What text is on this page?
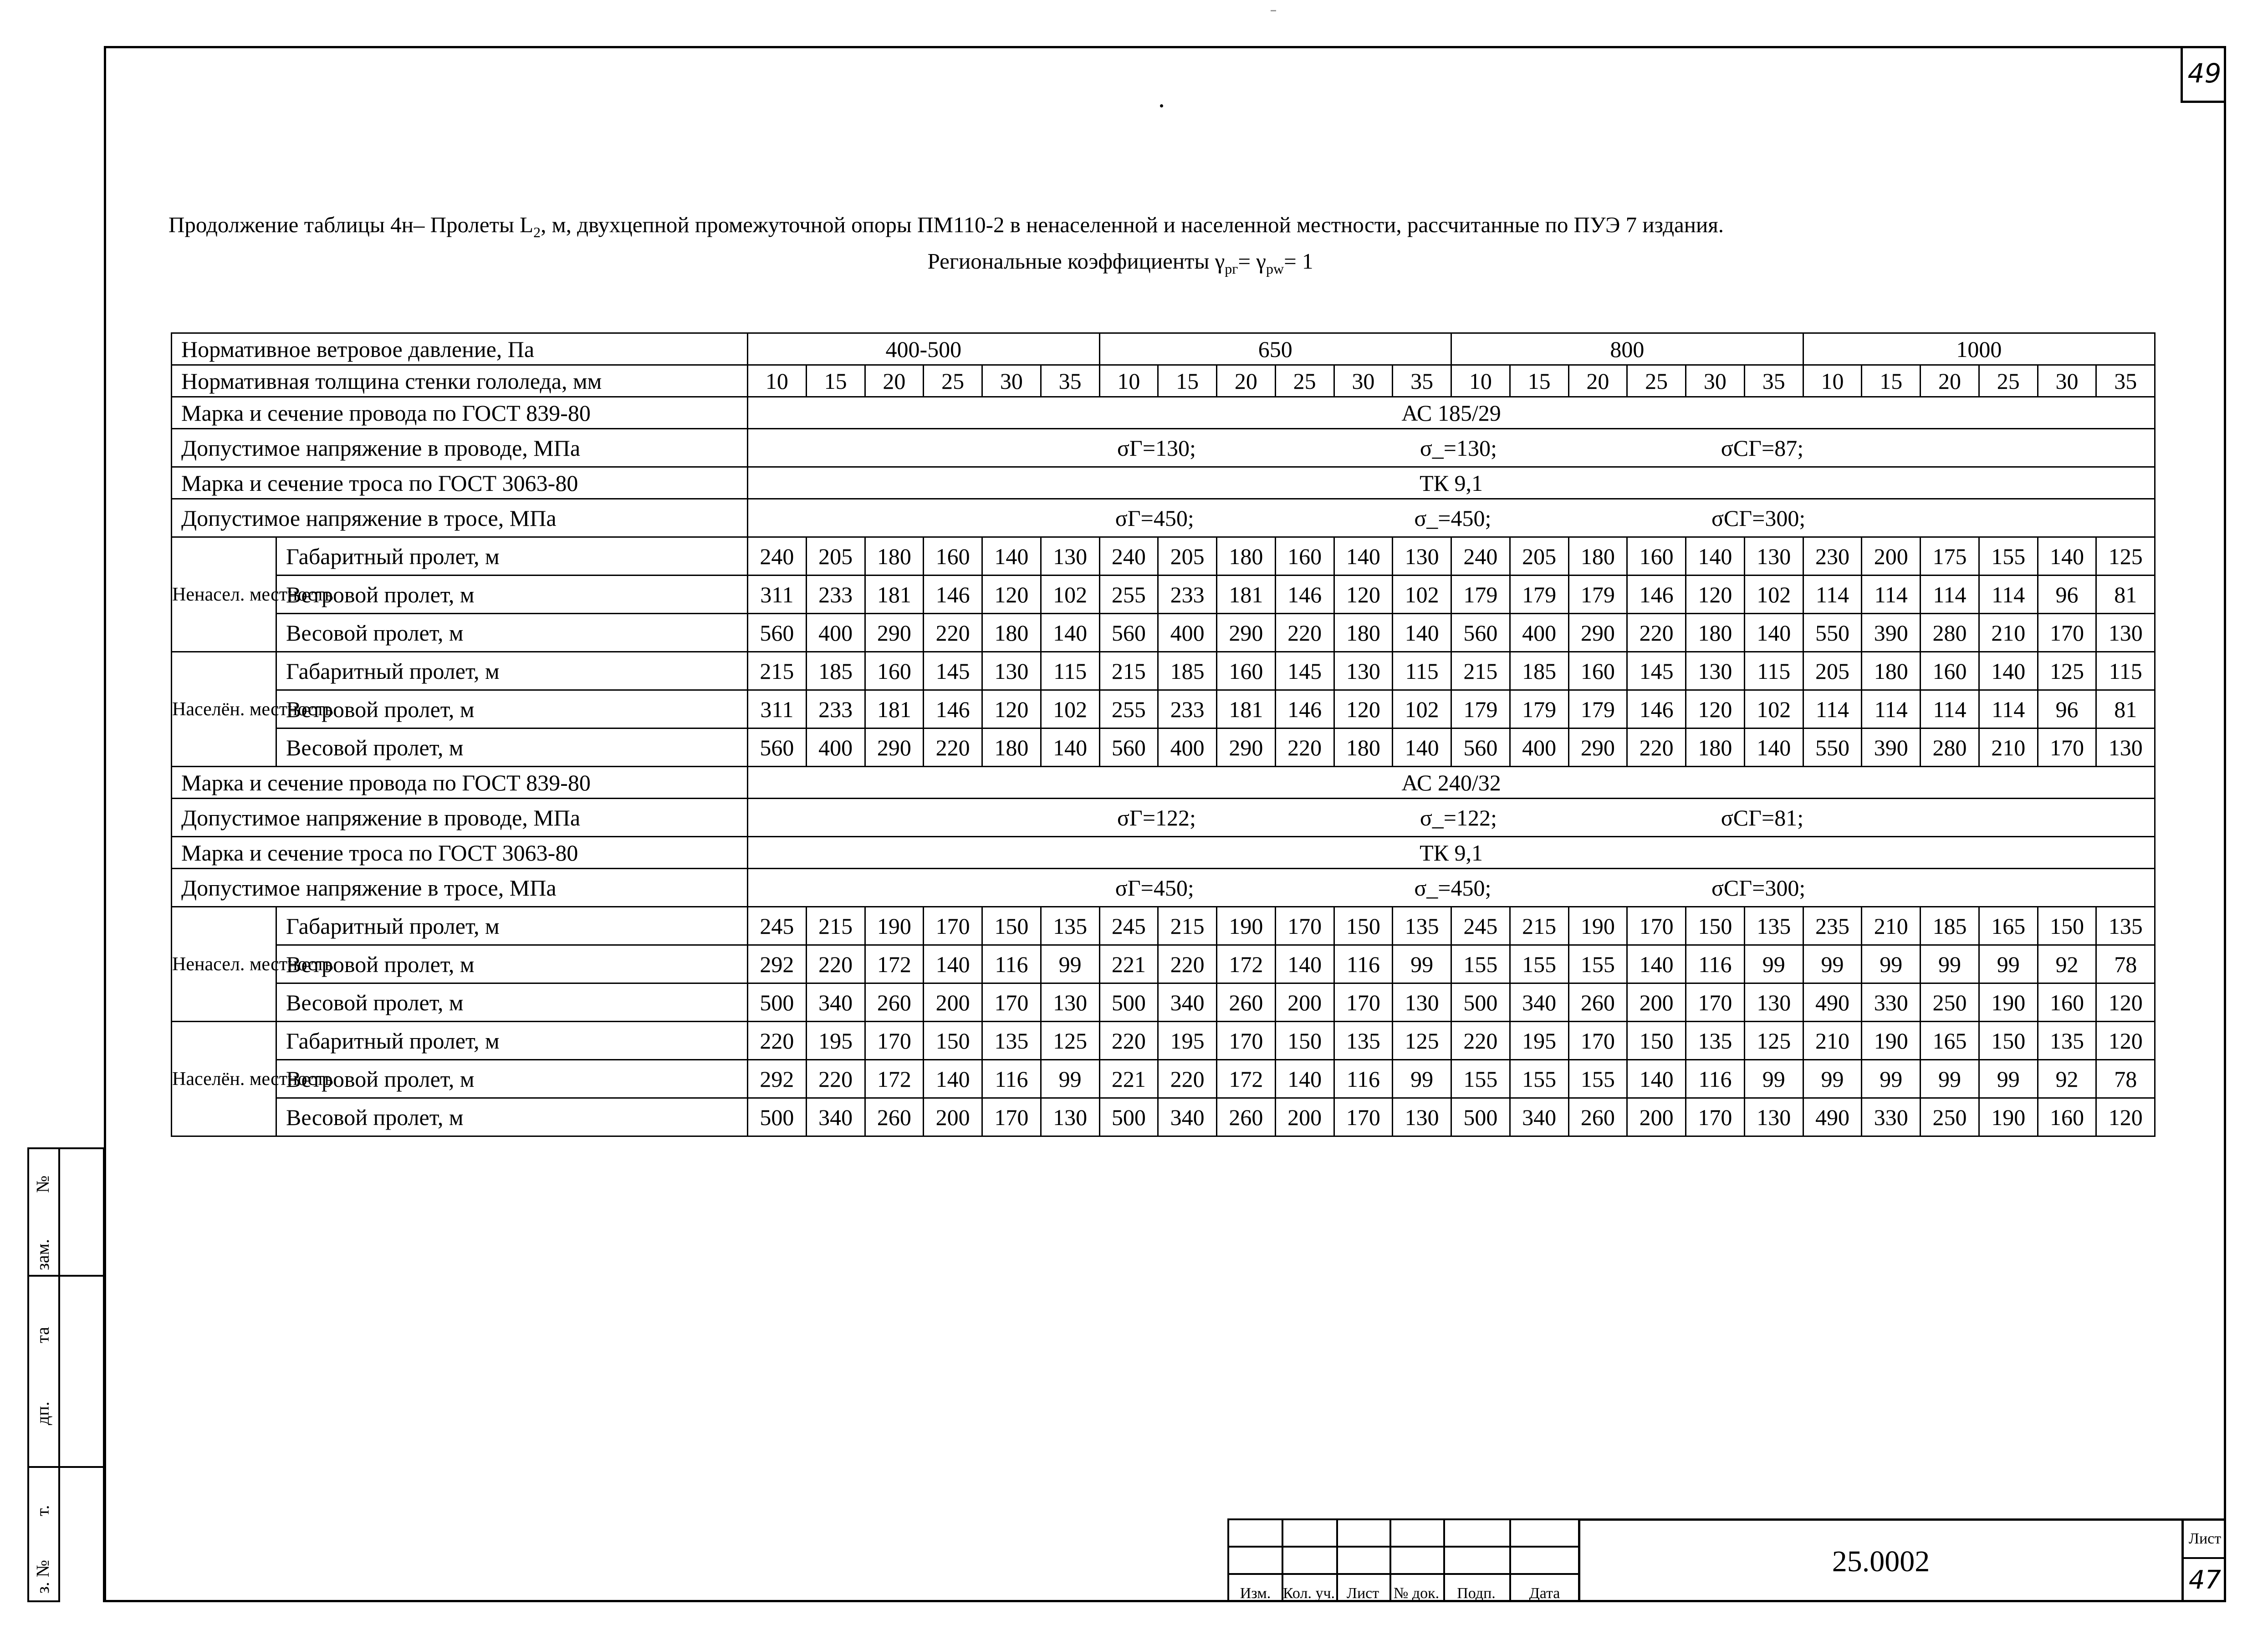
49
Продолжение таблицы 4н– Пролеты $L_2$, м, двухцепной промежуточной опоры ПМ110-2 в ненаселенной и населенной местности, рассчитанные по ПУЭ 7 издания.
Региональные коэффициенты $\gamma_{pг}= \gamma_{pw}= 1$
Нормативное ветровое давление, Па		400-500						650						800						1000					
Нормативная толщина стенки гололеда, мм		10	15	20	25	30	35	10	15	20	25	30	35	10	15	20	25	30	35	10	15	20	25	30	35
Марка и сечение провода по ГОСТ 839-80		АС 185/29																							
Допустимое напряжение в проводе, МПа		σГ=130; σ_=130; σСГ=87;																							

Марка и сечение троса по ГОСТ 3063-80		ТК 9,1																							
Допустимое напряжение в тросе, МПа		σГ=450; σ_=450; σСГ=300;																							

Ненасел. местность	Габаритный пролет, м	240	205	180	160	140	130	240	205	180	160	140	130	240	205	180	160	140	130	230	200	175	155	140	125
	Ветровой пролет, м	311	233	181	146	120	102	255	233	181	146	120	102	179	179	179	146	120	102	114	114	114	114	96	81
	Весовой пролет, м	560	400	290	220	180	140	560	400	290	220	180	140	560	400	290	220	180	140	550	390	280	210	170	130
Населён. местность	Габаритный пролет, м	215	185	160	145	130	115	215	185	160	145	130	115	215	185	160	145	130	115	205	180	160	140	125	115
	Ветровой пролет, м	311	233	181	146	120	102	255	233	181	146	120	102	179	179	179	146	120	102	114	114	114	114	96	81
	Весовой пролет, м	560	400	290	220	180	140	560	400	290	220	180	140	560	400	290	220	180	140	550	390	280	210	170	130
Марка и сечение провода по ГОСТ 839-80		АС 240/32																							
Допустимое напряжение в проводе, МПа		σГ=122; σ_=122; σСГ=81;																							

Марка и сечение троса по ГОСТ 3063-80		ТК 9,1																							
Допустимое напряжение в тросе, МПа		σГ=450; σ_=450; σСГ=300;																							

Ненасел. местность	Габаритный пролет, м	245	215	190	170	150	135	245	215	190	170	150	135	245	215	190	170	150	135	235	210	185	165	150	135
	Ветровой пролет, м	292	220	172	140	116	99	221	220	172	140	116	99	155	155	155	140	116	99	99	99	99	99	92	78
	Весовой пролет, м	500	340	260	200	170	130	500	340	260	200	170	130	500	340	260	200	170	130	490	330	250	190	160	120
Населён. местность	Габаритный пролет, м	220	195	170	150	135	125	220	195	170	150	135	125	220	195	170	150	135	125	210	190	165	150	135	120
	Ветровой пролет, м	292	220	172	140	116	99	221	220	172	140	116	99	155	155	155	140	116	99	99	99	99	99	92	78
	Весовой пролет, м	500	340	260	200	170	130	500	340	260	200	170	130	500	340	260	200	170	130	490	330	250	190	160	120
№
зам.
та
дп.
т.
з. №	Изм. Кол. уч. Лист № док.	Подп.	Дата
25.0002
Лист
47
